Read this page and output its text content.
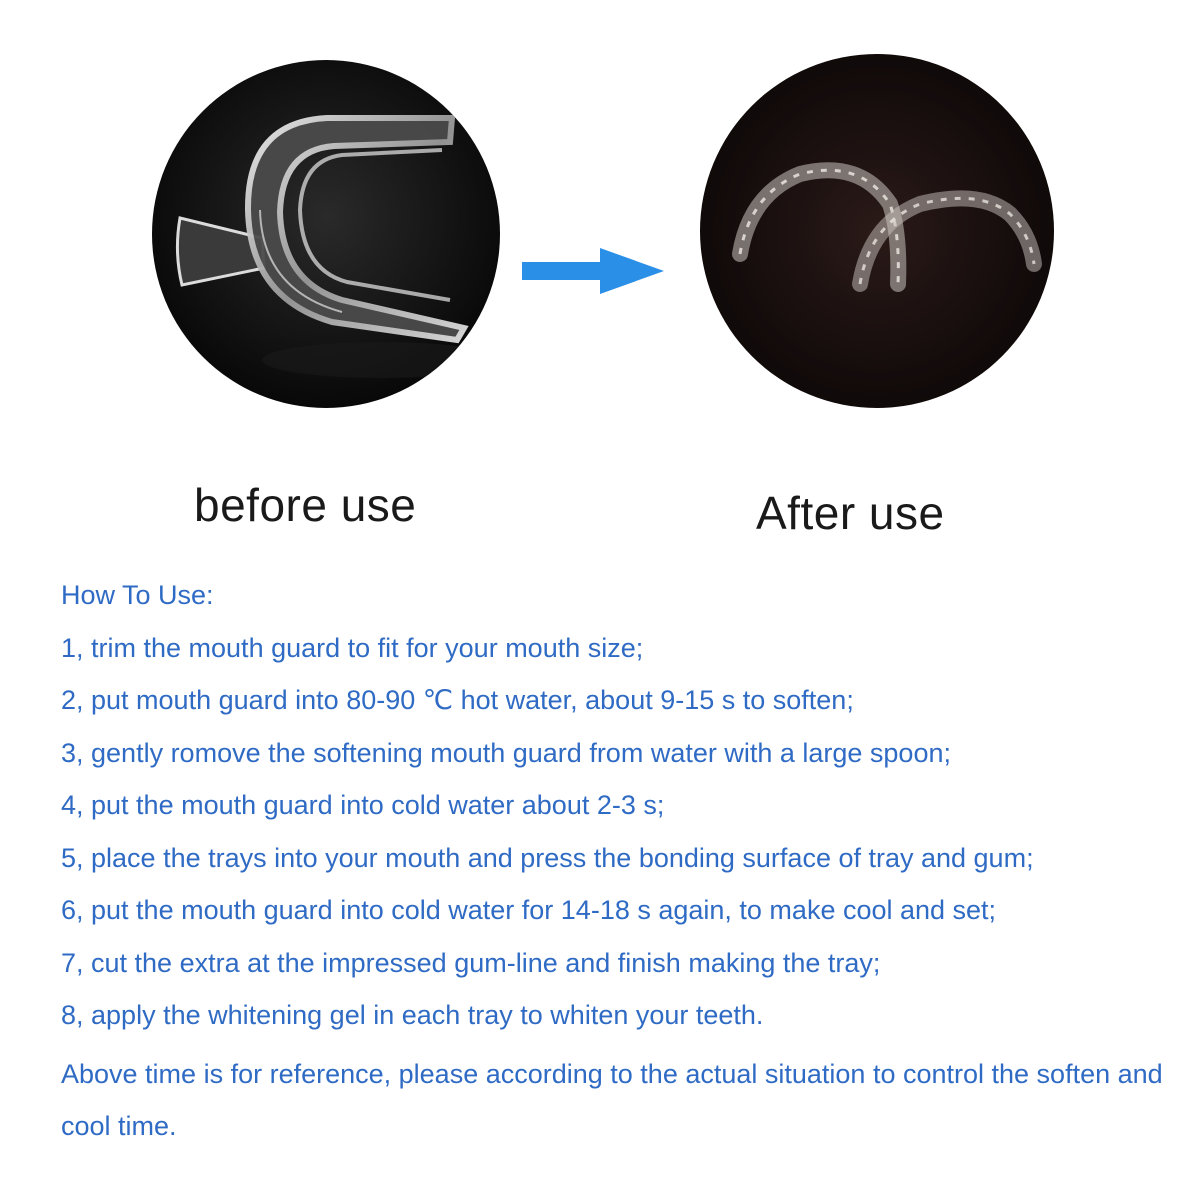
before use	After use
How To Use:
1, trim the mouth guard to fit for your mouth size;
2, put mouth guard into 80-90 ℃ hot water, about 9-15 s to soften;
3, gently romove the softening mouth guard from water with a large spoon;
4, put the mouth guard into cold water about 2-3 s;
5, place the trays into your mouth and press the bonding surface of tray and gum;
6, put the mouth guard into cold water for 14-18 s again, to make cool and set;
7, cut the extra at the impressed gum-line and finish making the tray;
8, apply the whitening gel in each tray to whiten your teeth.
Above time is for reference, please according to the actual situation to control the soften and cool time.
